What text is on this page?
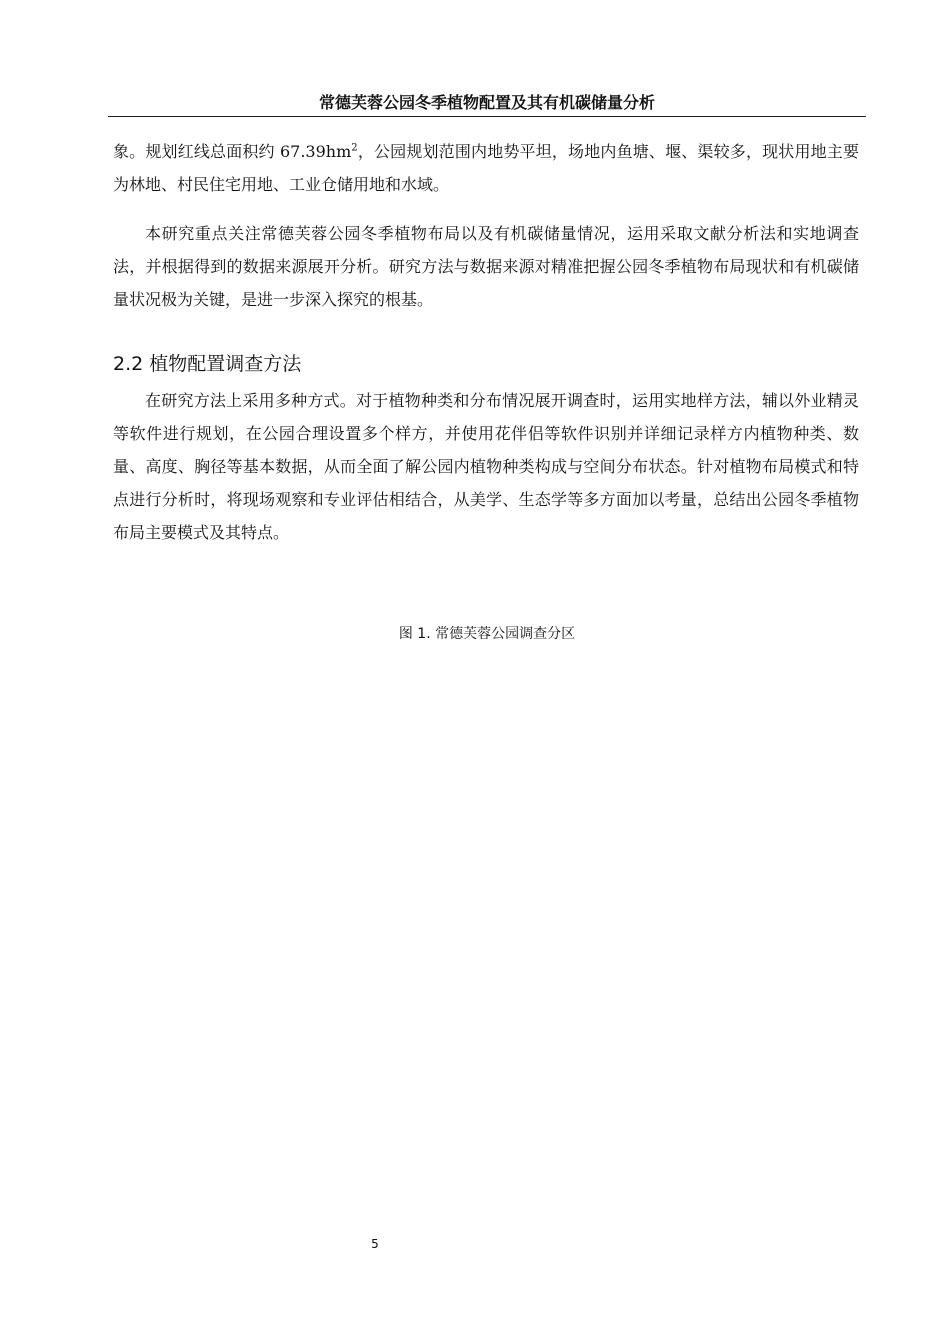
常德芙蓉公园冬季植物配置及其有机碳储量分析

象。规划红线总面积约 $67.39hm^2$，公园规划范围内地势平坦，场地内鱼塘、堰、渠较多，现状用地主要为林地、村民住宅用地、工业仓储用地和水域。

本研究重点关注常德芙蓉公园冬季植物布局以及有机碳储量情况，运用采取文献分析法和实地调查法，并根据得到的数据来源展开分析。研究方法与数据来源对精准把握公园冬季植物布局现状和有机碳储量状况极为关键，是进一步深入探究的根基。

2.2 植物配置调查方法

在研究方法上采用多种方式。对于植物种类和分布情况展开调查时，运用实地样方法，辅以外业精灵等软件进行规划，在公园合理设置多个样方，并使用花伴侣等软件识别并详细记录样方内植物种类、数量、高度、胸径等基本数据，从而全面了解公园内植物种类构成与空间分布状态。针对植物布局模式和特点进行分析时，将现场观察和专业评估相结合，从美学、生态学等多方面加以考量，总结出公园冬季植物布局主要模式及其特点。

图 1. 常德芙蓉公园调查分区
5
